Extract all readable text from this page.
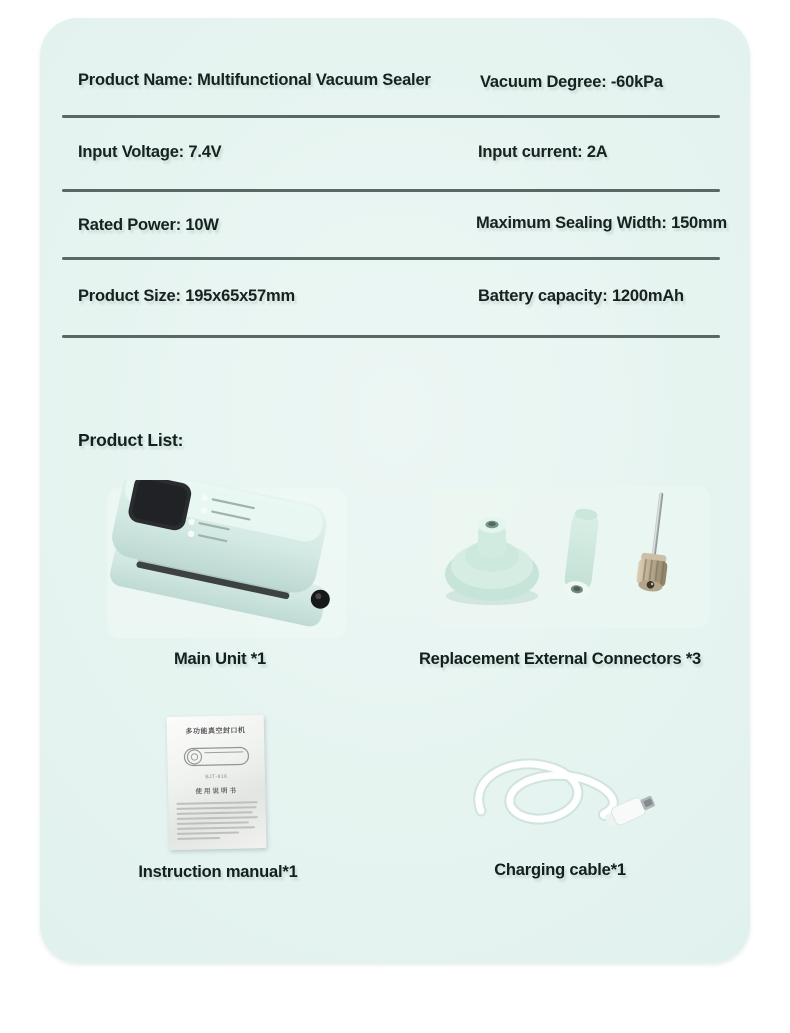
Product Name: Multifunctional Vacuum Sealer	Vacuum Degree: -60kPa
Input Voltage: 7.4V	Input current: 2A
Rated Power: 10W	Maximum Sealing Width: 150mm
Product Size: 195x65x57mm	Battery capacity: 1200mAh
Product List:
Main Unit *1	Replacement External Connectors *3
多功能真空封口机
BJT-816
使用说明书
Instruction manual*1	Charging cable*1
